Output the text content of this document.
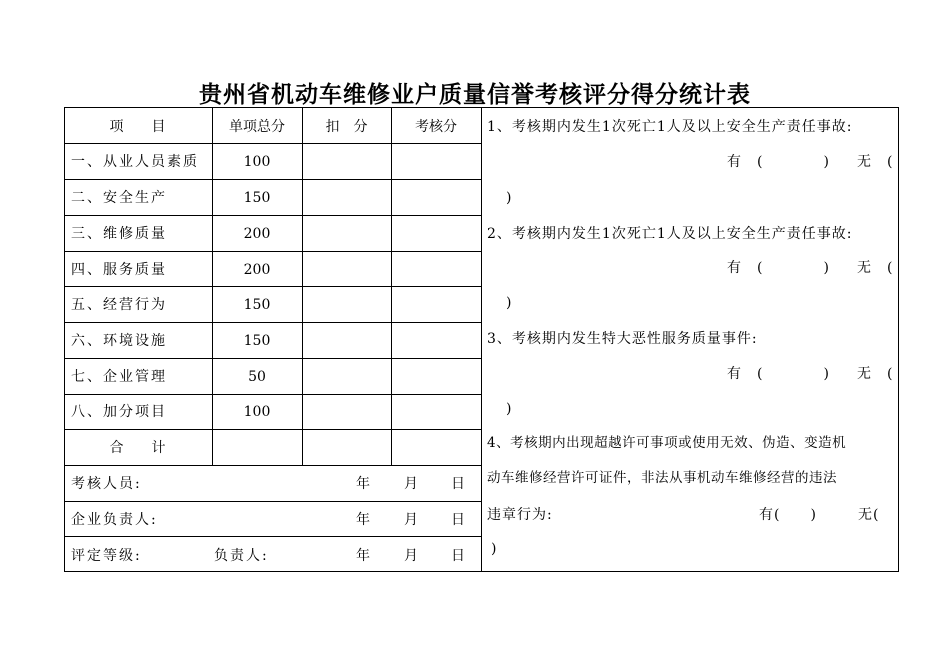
贵州省机动车维修业户质量信誉考核评分得分统计表
项　　目	单项总分	扣　分	考核分
一、从业人员素质	100
二、安全生产	150
三、维修质量	200
四、服务质量	200
五、经营行为	150
六、环境设施	150
七、企业管理	50
八、加分项目	100
合　　计
考核人员:	年 月 日
企业负责人:	年 月 日
评定等级:	负责人:	年 月 日
1、考核期内发生1次死亡1人及以上安全生产责任事故:
有　(　　　　) 无　(
)
2、考核期内发生1次死亡1人及以上安全生产责任事故:
有　(　　　　) 无　(
)
3、考核期内发生特大恶性服务质量事件:
有　(　　　　) 无　(
)
4、考核期内出现超越许可事项或使用无效、伪造、变造机
动车维修经营许可证件，非法从事机动车维修经营的违法
违章行为:	有(　　)	无(
)
